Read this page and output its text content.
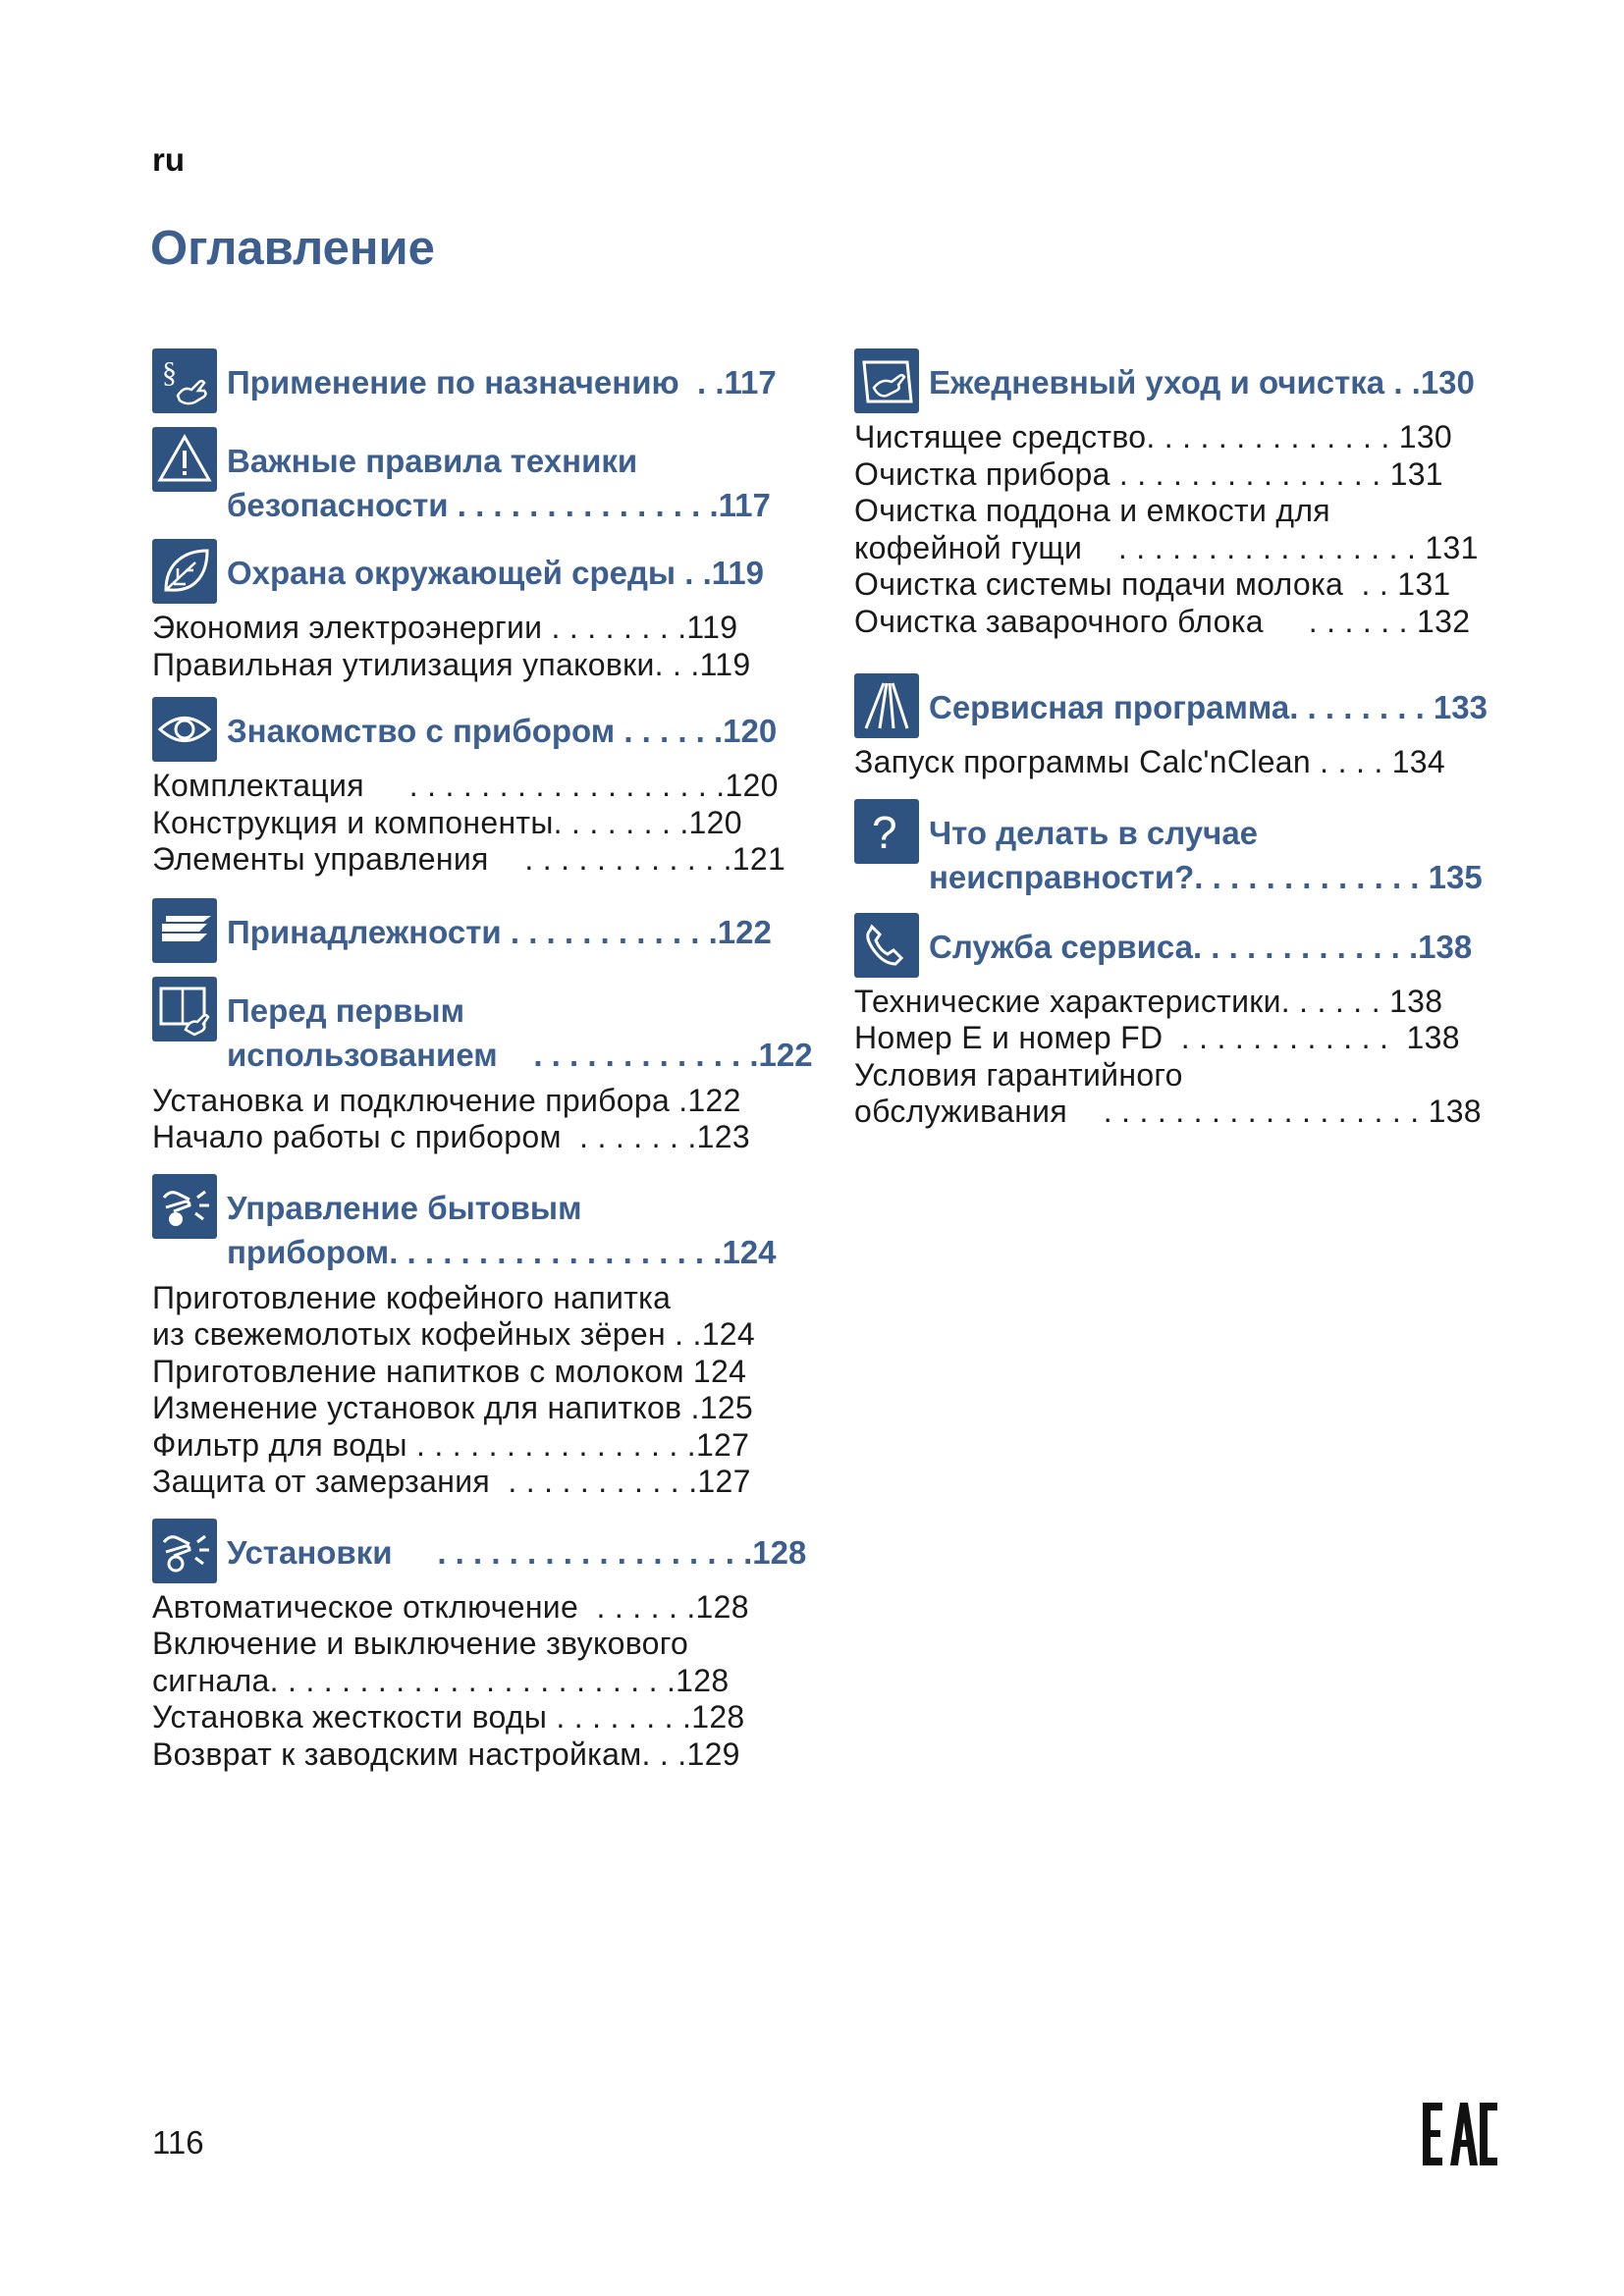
ru
Оглавление
§ Применение по назначению  . .117
Важные правила техники
безопасности . . . . . . . . . . . . . . .117
Охрана окружающей среды . .119
Экономия электроэнергии . . . . . . . .119
Правильная утилизация упаковки. . .119
Знакомство с прибором . . . . . .120
Комплектация     . . . . . . . . . . . . . . . . . .120
Конструкция и компоненты. . . . . . . .120
Элементы управления    . . . . . . . . . . . .121
Принадлежности . . . . . . . . . . . .122
Перед первым
использованием    . . . . . . . . . . . . .122
Установка и подключение прибора .122
Начало работы с прибором  . . . . . . .123
Управление бытовым
прибором. . . . . . . . . . . . . . . . . . .124
Приготовление кофейного напитка
из свежемолотых кофейных зёрен . .124
Приготовление напитков с молоком 124
Изменение установок для напитков .125
Фильтр для воды . . . . . . . . . . . . . . . .127
Защита от замерзания  . . . . . . . . . . .127
Установки     . . . . . . . . . . . . . . . . . .128
Автоматическое отключение  . . . . . .128
Включение и выключение звукового
сигнала. . . . . . . . . . . . . . . . . . . . . . .128
Установка жесткости воды . . . . . . . .128
Возврат к заводским настройкам. . .129
Ежедневный уход и очистка . .130
Чистящее средство. . . . . . . . . . . . . . 130
Очистка прибора . . . . . . . . . . . . . . . 131
Очистка поддона и емкости для
кофейной гущи    . . . . . . . . . . . . . . . . . 131
Очистка системы подачи молока  . . 131
Очистка заварочного блока     . . . . . . 132
Сервисная программа. . . . . . . . 133
Запуск программы Calc'nClean . . . . 134
? Что делать в случае
неисправности?. . . . . . . . . . . . . 135
Служба сервиса. . . . . . . . . . . . .138
Технические характеристики. . . . . . 138
Номер E и номер FD  . . . . . . . . . . . .  138
Условия гарантийного
обслуживания    . . . . . . . . . . . . . . . . . . 138
116
